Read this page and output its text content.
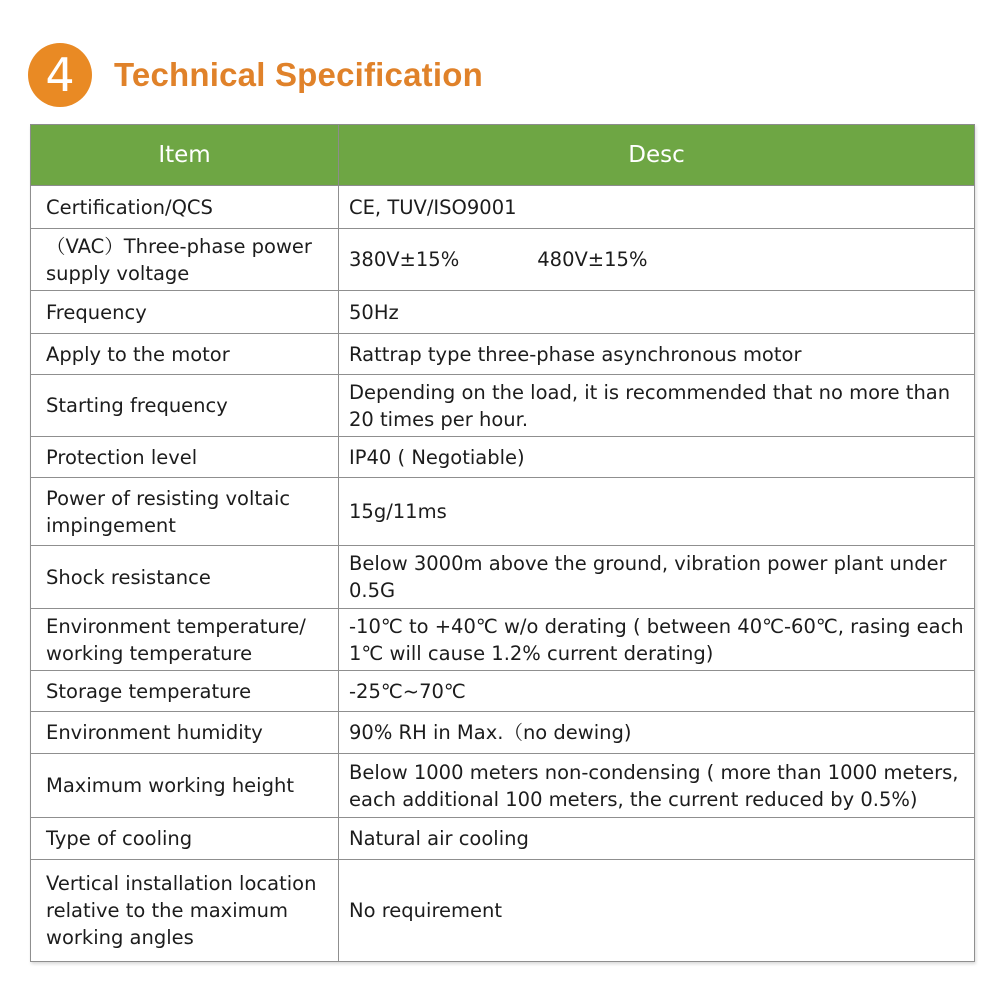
4	Technical Specification
Item	Desc
Certification/QCS	CE, TUV/ISO9001
（VAC）Three-phase power supply voltage	380V±15% 480V±15%
Frequency	50Hz
Apply to the motor	Rattrap type three-phase asynchronous motor
Starting frequency	Depending on the load, it is recommended that no more than 20 times per hour.
Protection level	IP40 ( Negotiable)
Power of resisting voltaic impingement	15g/11ms
Shock resistance	Below 3000m above the ground, vibration power plant under 0.5G
Environment temperature/ working temperature	-10℃ to +40℃ w/o derating ( between 40℃-60℃, rasing each 1℃ will cause 1.2% current derating)
Storage temperature	-25℃~70℃
Environment humidity	90% RH in Max.（no dewing)
Maximum working height	Below 1000 meters non-condensing ( more than 1000 meters, each additional 100 meters, the current reduced by 0.5%)
Type of cooling	Natural air cooling
Vertical installation location relative to the maximum working angles	No requirement
